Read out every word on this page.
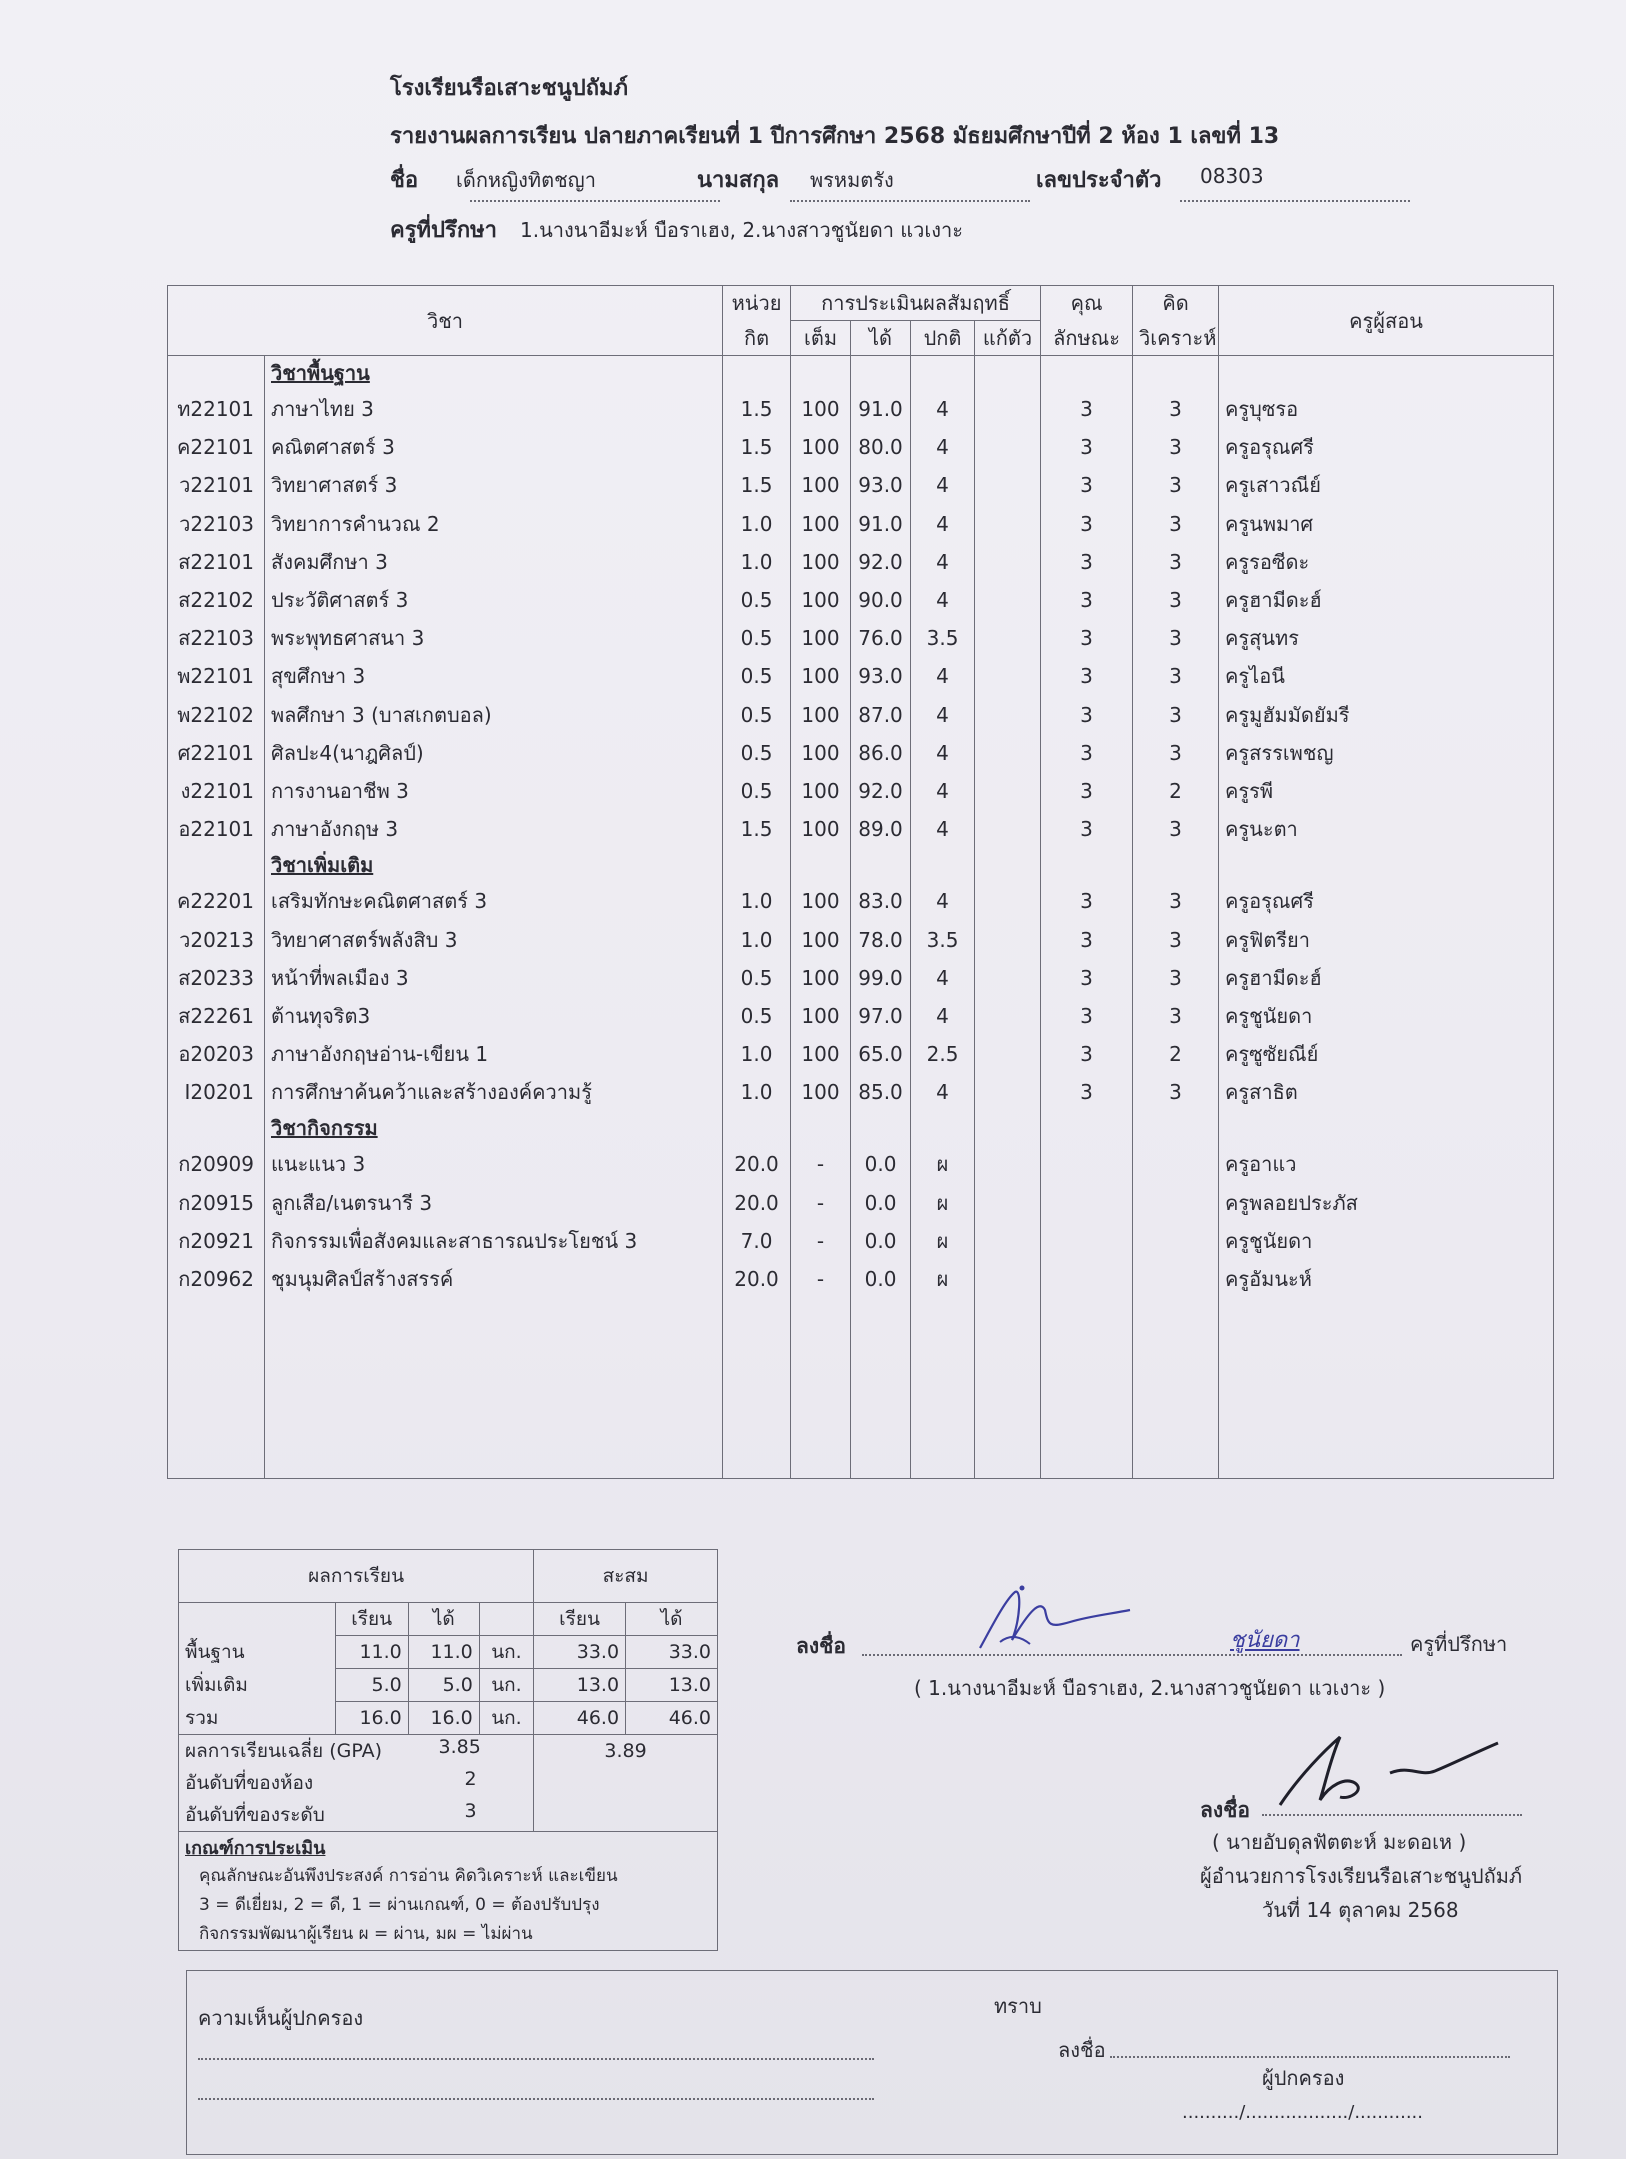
โรงเรียนรือเสาะชนูปถัมภ์
รายงานผลการเรียน ปลายภาคเรียนที่ 1 ปีการศึกษา 2568 มัธยมศึกษาปีที่ 2 ห้อง 1 เลขที่ 13
ชื่อ เด็กหญิงทิตชญา	นามสกุล พรหมตรัง	เลขประจำตัว 08303
ครูที่ปรึกษา 1.นางนาอีมะห์ บือราเฮง, 2.นางสาวชูนัยดา แวเงาะ
วิชา		หน่วย	การประเมินผลสัมฤทธิ์				คุณ	คิด	ครูผู้สอน
		กิต	เต็ม	ได้	ปกติ	แก้ตัว	ลักษณะ	วิเคราะห์	
	วิชาพื้นฐาน								
ท22101	ภาษาไทย 3	1.5	100	91.0	4		3	3	ครูบุซรอ
ค22101	คณิตศาสตร์ 3	1.5	100	80.0	4		3	3	ครูอรุณศรี
ว22101	วิทยาศาสตร์ 3	1.5	100	93.0	4		3	3	ครูเสาวณีย์
ว22103	วิทยาการคำนวณ 2	1.0	100	91.0	4		3	3	ครูนพมาศ
ส22101	สังคมศึกษา 3	1.0	100	92.0	4		3	3	ครูรอซีดะ
ส22102	ประวัติศาสตร์ 3	0.5	100	90.0	4		3	3	ครูฮามีดะฮ์
ส22103	พระพุทธศาสนา 3	0.5	100	76.0	3.5		3	3	ครูสุนทร
พ22101	สุขศึกษา 3	0.5	100	93.0	4		3	3	ครูไอนี
พ22102	พลศึกษา 3 (บาสเกตบอล)	0.5	100	87.0	4		3	3	ครูมูฮัมมัดยัมรี
ศ22101	ศิลปะ4(นาฎศิลป์)	0.5	100	86.0	4		3	3	ครูสรรเพชญ
ง22101	การงานอาชีพ 3	0.5	100	92.0	4		3	2	ครูรพี
อ22101	ภาษาอังกฤษ 3	1.5	100	89.0	4		3	3	ครูนะตา
	วิชาเพิ่มเติม								
ค22201	เสริมทักษะคณิตศาสตร์ 3	1.0	100	83.0	4		3	3	ครูอรุณศรี
ว20213	วิทยาศาสตร์พลังสิบ 3	1.0	100	78.0	3.5		3	3	ครูฟิตรียา
ส20233	หน้าที่พลเมือง 3	0.5	100	99.0	4		3	3	ครูฮามีดะฮ์
ส22261	ต้านทุจริต3	0.5	100	97.0	4		3	3	ครูชูนัยดา
อ20203	ภาษาอังกฤษอ่าน-เขียน 1	1.0	100	65.0	2.5		3	2	ครูซูซัยณีย์
I20201	การศึกษาค้นคว้าและสร้างองค์ความรู้	1.0	100	85.0	4		3	3	ครูสาธิต
	วิชากิจกรรม								
ก20909	แนะแนว 3	20.0	-	0.0	ผ				ครูอาแว
ก20915	ลูกเสือ/เนตรนารี 3	20.0	-	0.0	ผ				ครูพลอยประภัส
ก20921	กิจกรรมเพื่อสังคมและสาธารณประโยชน์ 3	7.0	-	0.0	ผ				ครูชูนัยดา
ก20962	ชุมนุมศิลป์สร้างสรรค์	20.0	-	0.0	ผ				ครูอัมนะห์

ผลการเรียน				สะสม	
	เรียน	ได้		เรียน	ได้
พื้นฐาน	11.0	11.0	นก.	33.0	33.0
เพิ่มเติม	5.0	5.0	นก.	13.0	13.0
รวม	16.0	16.0	นก.	46.0	46.0
ผลการเรียนเฉลี่ย (GPA) 3.85				3.89	
อันดับที่ของห้อง 2					

อันดับที่ของระดับ 3					

เกณฑ์การประเมิน
คุณลักษณะอันพึงประสงค์ การอ่าน คิดวิเคราะห์ และเขียน
3 = ดีเยี่ยม, 2 = ดี, 1 = ผ่านเกณฑ์, 0 = ต้องปรับปรุง
กิจกรรมพัฒนาผู้เรียน ผ = ผ่าน, มผ = ไม่ผ่าน					
ลงชื่อ	ครูที่ปรึกษา
ชูนัยดา
( 1.นางนาอีมะห์ บือราเฮง, 2.นางสาวชูนัยดา แวเงาะ )
ลงชื่อ
( นายอับดุลฟัตตะห์ มะดอเห )
ผู้อำนวยการโรงเรียนรือเสาะชนูปถัมภ์
วันที่ 14 ตุลาคม 2568
ความเห็นผู้ปกครอง	ทราบ
ลงชื่อ
ผู้ปกครอง
........../................../............
